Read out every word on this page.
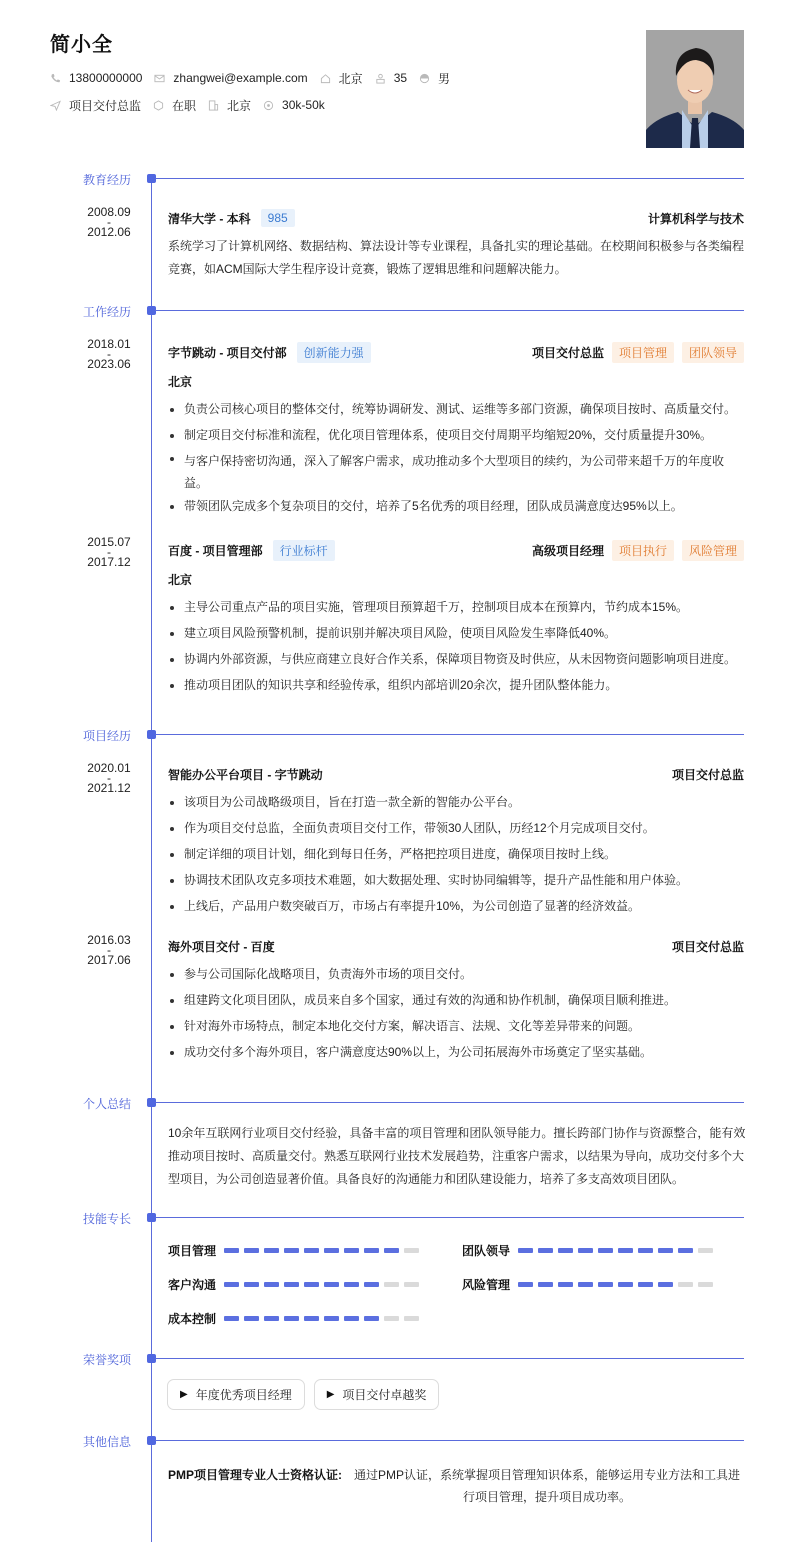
简小全
13800000000	zhangwei@example.com	北京	35	男
项目交付总监	在职	北京	30k-50k
教育经历
2008.09
-
2012.06
清华大学 - 本科	985	计算机科学与技术
系统学习了计算机网络、数据结构、算法设计等专业课程，具备扎实的理论基础。在校期间积极参与各类编程竞赛，如ACM国际大学生程序设计竞赛，锻炼了逻辑思维和问题解决能力。
工作经历
2018.01
-
2023.06
字节跳动 - 项目交付部	创新能力强	项目交付总监	项目管理	团队领导
北京
负责公司核心项目的整体交付，统筹协调研发、测试、运维等多部门资源，确保项目按时、高质量交付。
制定项目交付标准和流程，优化项目管理体系，使项目交付周期平均缩短20%，交付质量提升30%。
与客户保持密切沟通，深入了解客户需求，成功推动多个大型项目的续约，为公司带来超千万的年度收益。
带领团队完成多个复杂项目的交付，培养了5名优秀的项目经理，团队成员满意度达95%以上。
2015.07
-
2017.12
百度 - 项目管理部	行业标杆	高级项目经理	项目执行	风险管理
北京
主导公司重点产品的项目实施，管理项目预算超千万，控制项目成本在预算内，节约成本15%。
建立项目风险预警机制，提前识别并解决项目风险，使项目风险发生率降低40%。
协调内外部资源，与供应商建立良好合作关系，保障项目物资及时供应，从未因物资问题影响项目进度。
推动项目团队的知识共享和经验传承，组织内部培训20余次，提升团队整体能力。
项目经历
2020.01
-
2021.12
智能办公平台项目 - 字节跳动	项目交付总监
该项目为公司战略级项目，旨在打造一款全新的智能办公平台。
作为项目交付总监，全面负责项目交付工作，带领30人团队，历经12个月完成项目交付。
制定详细的项目计划，细化到每日任务，严格把控项目进度，确保项目按时上线。
协调技术团队攻克多项技术难题，如大数据处理、实时协同编辑等，提升产品性能和用户体验。
上线后，产品用户数突破百万，市场占有率提升10%，为公司创造了显著的经济效益。
2016.03
-
2017.06
海外项目交付 - 百度	项目交付总监
参与公司国际化战略项目，负责海外市场的项目交付。
组建跨文化项目团队，成员来自多个国家，通过有效的沟通和协作机制，确保项目顺利推进。
针对海外市场特点，制定本地化交付方案，解决语言、法规、文化等差异带来的问题。
成功交付多个海外项目，客户满意度达90%以上，为公司拓展海外市场奠定了坚实基础。
个人总结
10余年互联网行业项目交付经验，具备丰富的项目管理和团队领导能力。擅长跨部门协作与资源整合，能有效推动项目按时、高质量交付。熟悉互联网行业技术发展趋势，注重客户需求，以结果为导向，成功交付多个大型项目，为公司创造显著价值。具备良好的沟通能力和团队建设能力，培养了多支高效项目团队。
技能专长
项目管理	团队领导
客户沟通	风险管理
成本控制
荣誉奖项
▶ 年度优秀项目经理	▶ 项目交付卓越奖
其他信息
PMP项目管理专业人士资格认证: 通过PMP认证，系统掌握项目管理知识体系，能够运用专业方法和工具进行项目管理，提升项目成功率。
